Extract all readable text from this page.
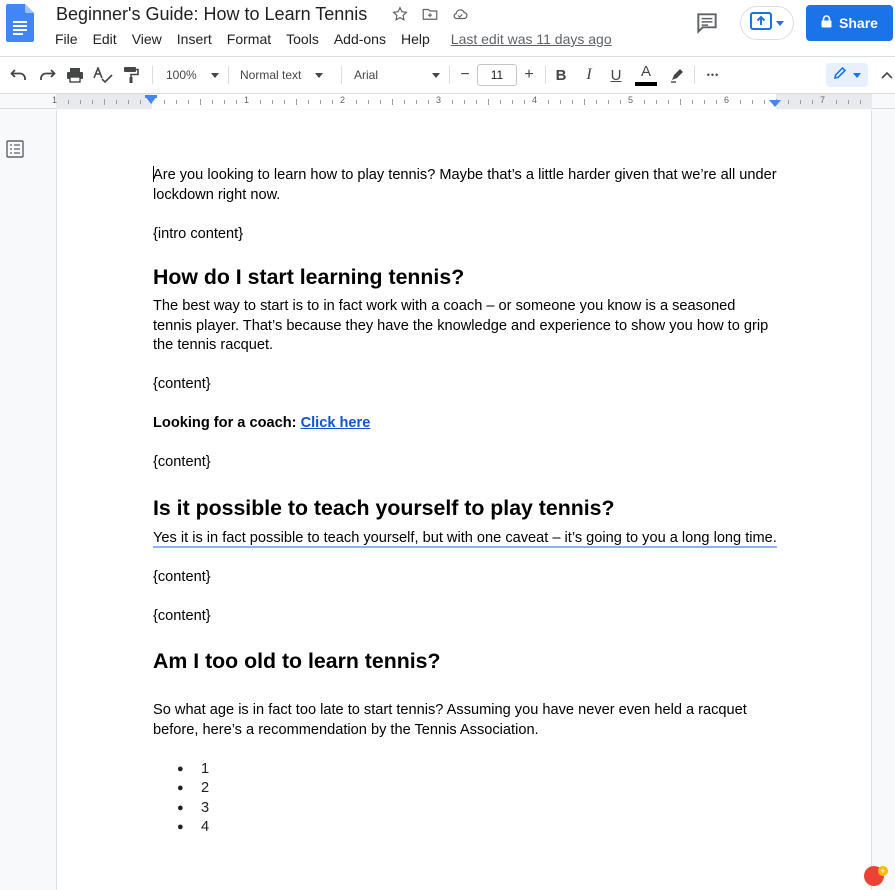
Beginner's Guide: How to Learn Tennis
File Edit View Insert Format Tools Add-ons Help Last edit was 11 days ago
Share
100%	Normal text	Arial	−	11	+	B	I	U	A	•••
1	1	2	3	4	5	6	7

Are you looking to learn how to play tennis? Maybe that’s a little harder given that we’re all under lockdown right now.

{intro content}

How do I start learning tennis?

The best way to start is to in fact work with a coach – or someone you know is a seasoned tennis player. That’s because they have the knowledge and experience to show you how to grip the tennis racquet.

{content}

Looking for a coach: Click here

{content}

Is it possible to teach yourself to play tennis?

Yes it is in fact possible to teach yourself, but with one caveat – it’s going to you a long long time.

{content}

{content}

Am I too old to learn tennis?

So what age is in fact too late to start tennis? Assuming you have never even held a racquet before, here’s a recommendation by the Tennis Association.

● 1
● 2
● 3
● 4
+
